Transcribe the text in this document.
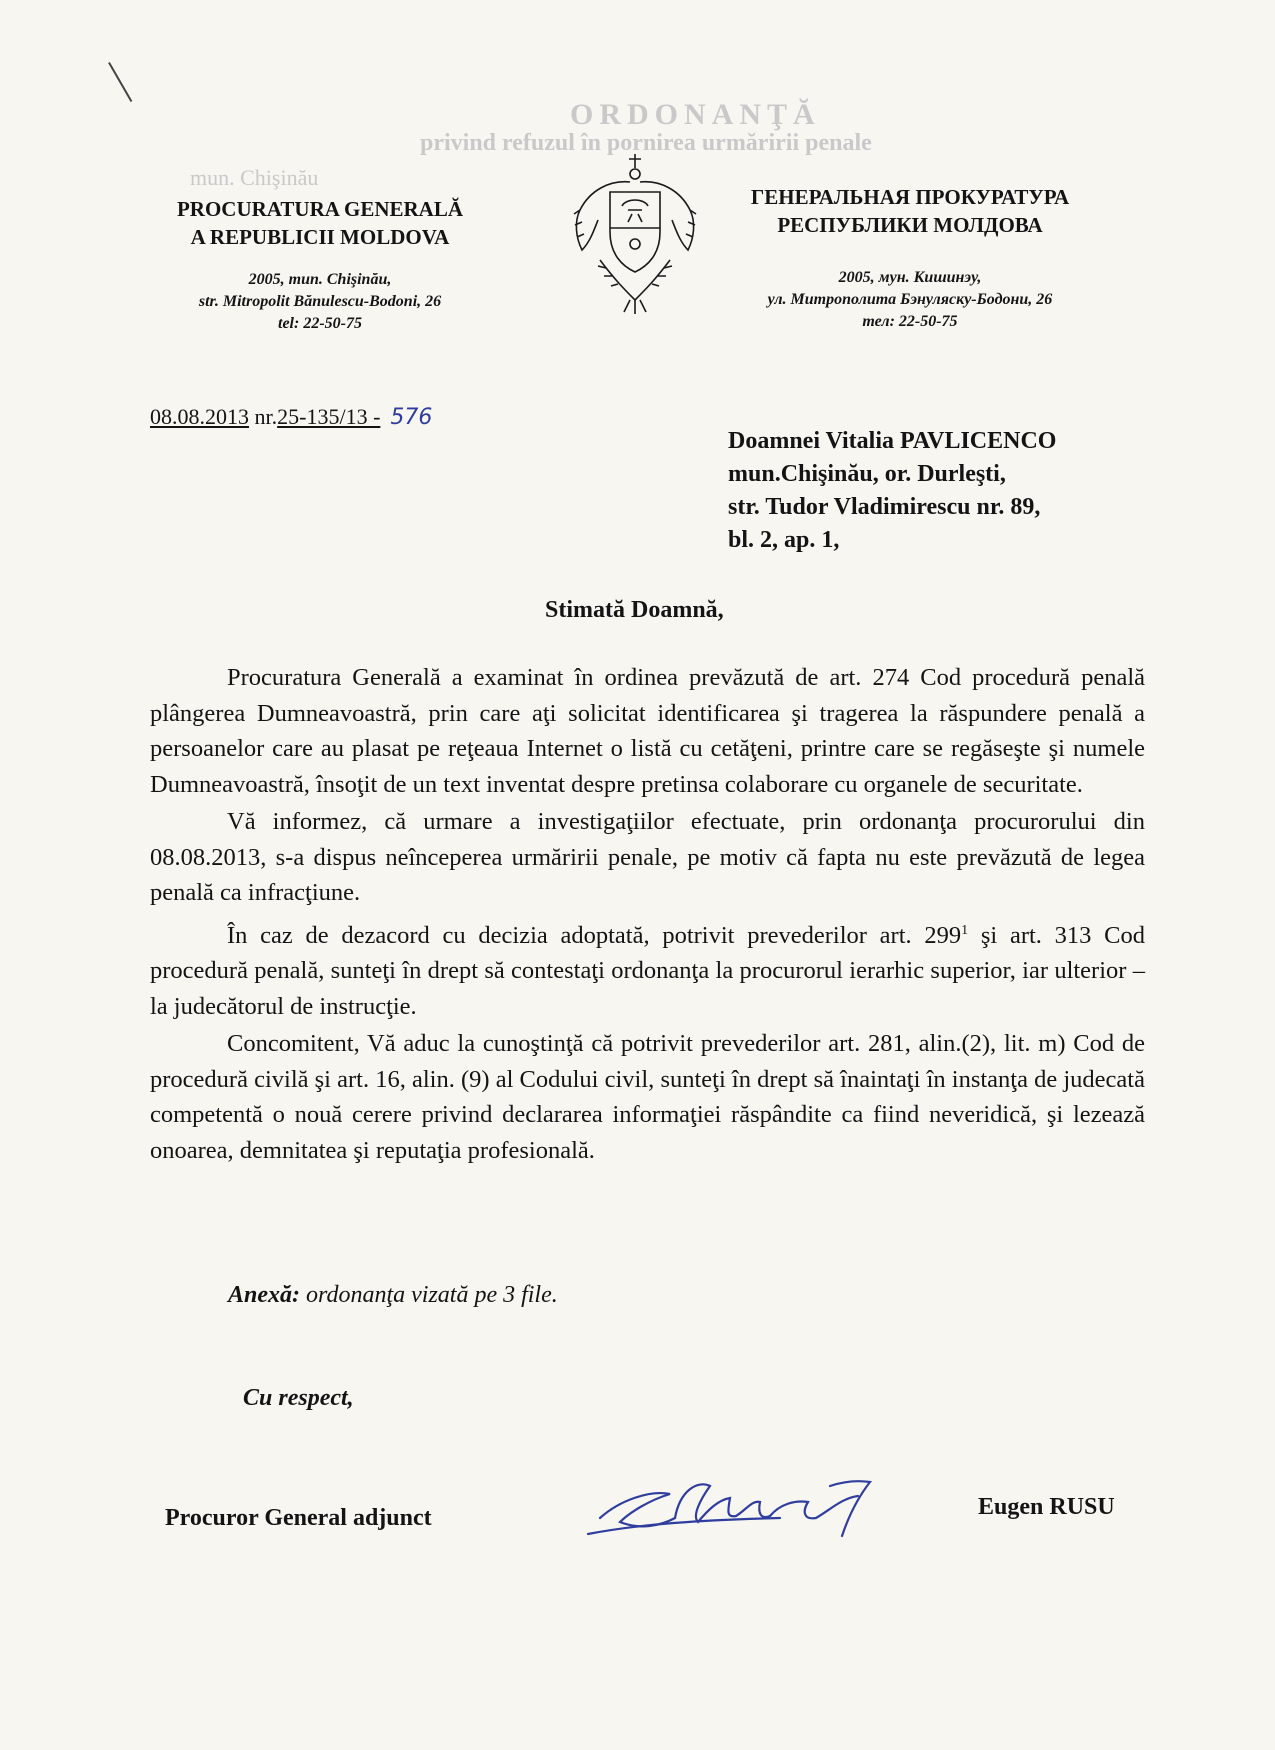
ORDONANŢĂ
privind refuzul în pornirea urmăririi penale
mun. Chişinău
PROCURATURA GENERALĂ
A REPUBLICII MOLDOVA
2005, mun. Chişinău,
str. Mitropolit Bănulescu-Bodoni, 26
tel: 22-50-75
ГЕНЕРАЛЬНАЯ ПРОКУРАТУРА
РЕСПУБЛИКИ МОЛДОВА
2005, мун. Кишинэу,
ул. Митрополита Бэнуляску-Бодони, 26
тел: 22-50-75
08.08.2013 nr.25-135/13 - 576
Doamnei Vitalia PAVLICENCO
mun.Chişinău, or. Durleşti,
str. Tudor Vladimirescu nr. 89,
bl. 2, ap. 1,
Stimată Doamnă,

Procuratura Generală a examinat în ordinea prevăzută de art. 274 Cod procedură penală plângerea Dumneavoastră, prin care aţi solicitat identificarea şi tragerea la răspundere penală a persoanelor care au plasat pe reţeaua Internet o listă cu cetăţeni, printre care se regăseşte şi numele Dumneavoastră, însoţit de un text inventat despre pretinsa colaborare cu organele de securitate.

Vă informez, că urmare a investigaţiilor efectuate, prin ordonanţa procurorului din 08.08.2013, s-a dispus neînceperea urmăririi penale, pe motiv că fapta nu este prevăzută de legea penală ca infracţiune.

În caz de dezacord cu decizia adoptată, potrivit prevederilor art. $299^1$ şi art. 313 Cod procedură penală, sunteţi în drept să contestaţi ordonanţa la procurorul ierarhic superior, iar ulterior – la judecătorul de instrucţie.

Concomitent, Vă aduc la cunoştinţă că potrivit prevederilor art. 281, alin.(2), lit. m) Cod de procedură civilă şi art. 16, alin. (9) al Codului civil, sunteţi în drept să înaintaţi în instanţa de judecată competentă o nouă cerere privind declararea informaţiei răspândite ca fiind neveridică, şi lezează onoarea, demnitatea şi reputaţia profesională.

Anexă: ordonanţa vizată pe 3 file.
Cu respect,
Procuror General adjunct	Eugen RUSU
